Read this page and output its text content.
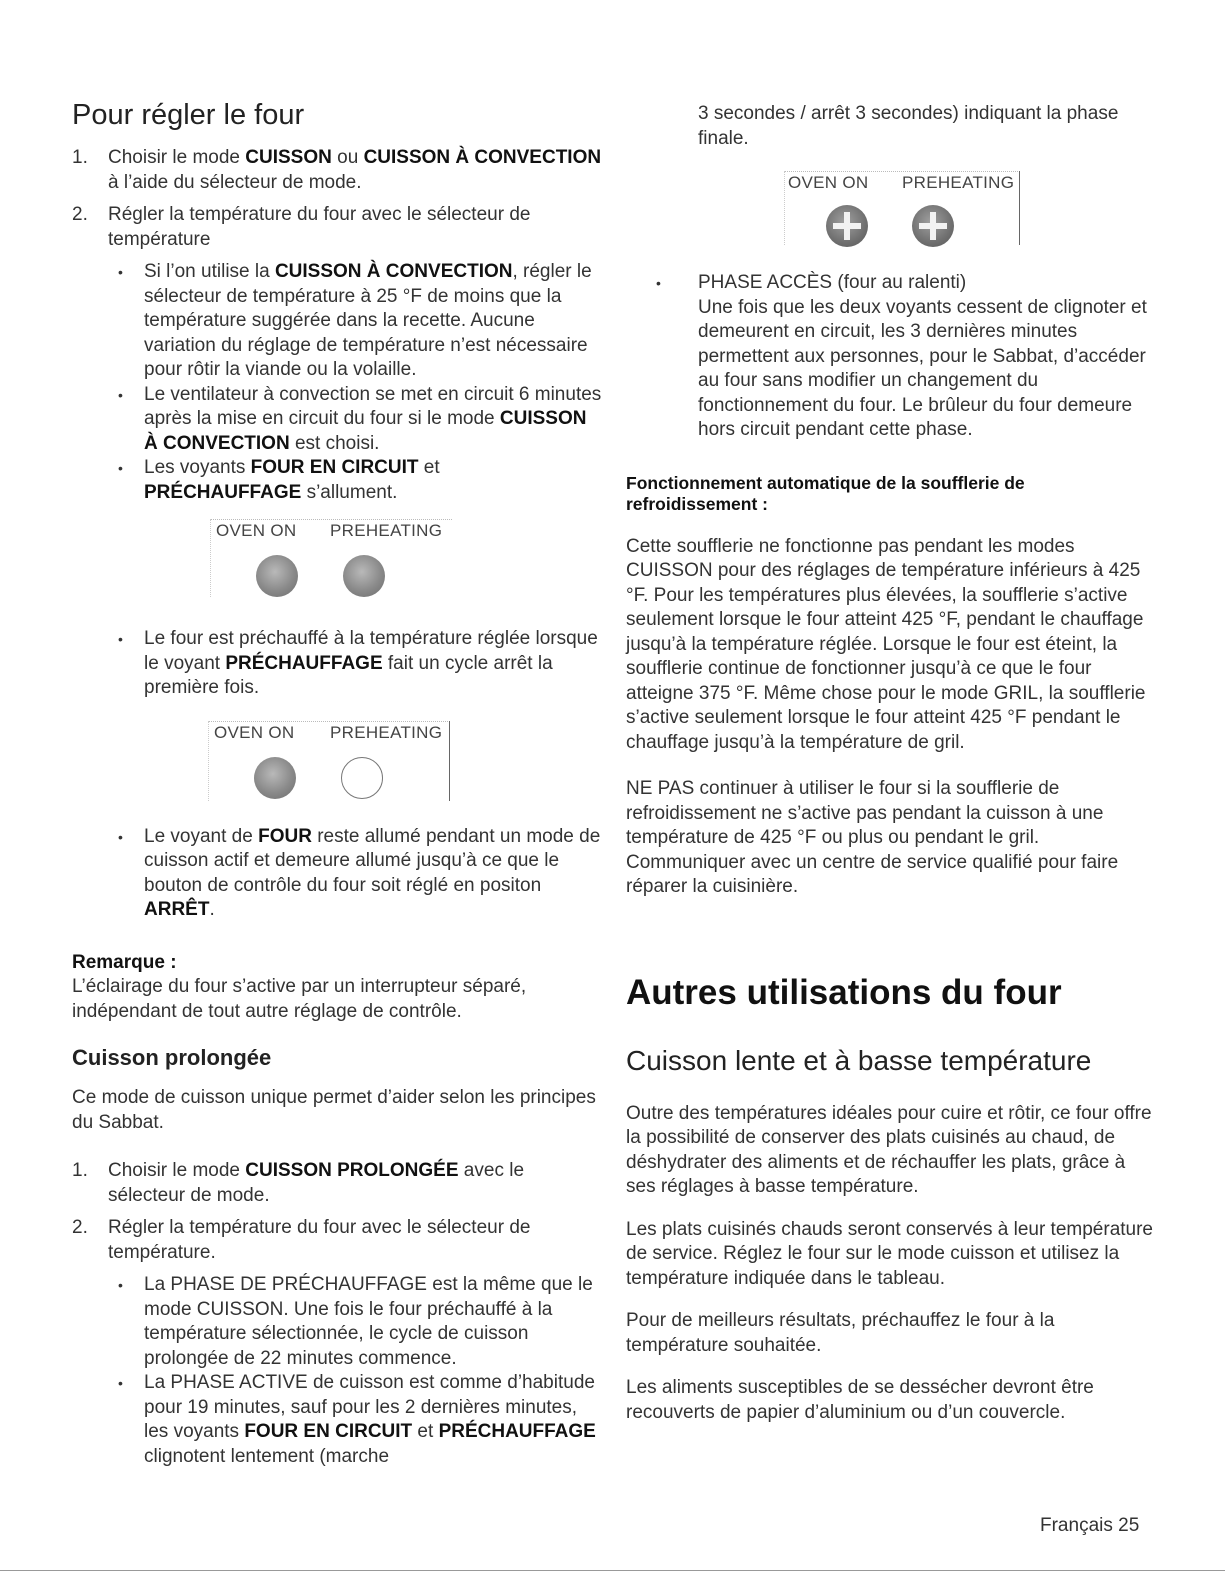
Pour régler le four

1. Choisir le mode CUISSON ou CUISSON À CONVECTION à l’aide du sélecteur de mode.

2. Régler la température du four avec le sélecteur de température

• Si l’on utilise la CUISSON À CONVECTION, régler le sélecteur de température à 25 °F de moins que la température suggérée dans la recette. Aucune variation du réglage de température n’est nécessaire pour rôtir la viande ou la volaille.

• Le ventilateur à convection se met en circuit 6 minutes après la mise en circuit du four si le mode CUISSON À CONVECTION est choisi.

• Les voyants FOUR EN CIRCUIT et PRÉCHAUFFAGE s’allument.

OVEN ON PREHEATING

• Le four est préchauffé à la température réglée lorsque le voyant PRÉCHAUFFAGE fait un cycle arrêt la première fois.

OVEN ON PREHEATING

• Le voyant de FOUR reste allumé pendant un mode de cuisson actif et demeure allumé jusqu’à ce que le bouton de contrôle du four soit réglé en positon ARRÊT.

Remarque :

L’éclairage du four s’active par un interrupteur séparé, indépendant de tout autre réglage de contrôle.

Cuisson prolongée

Ce mode de cuisson unique permet d’aider selon les principes du Sabbat.

1. Choisir le mode CUISSON PROLONGÉE avec le sélecteur de mode.

2. Régler la température du four avec le sélecteur de température.

• La PHASE DE PRÉCHAUFFAGE est la même que le mode CUISSON. Une fois le four préchauffé à la température sélectionnée, le cycle de cuisson prolongée de 22 minutes commence.

• La PHASE ACTIVE de cuisson est comme d’habitude pour 19 minutes, sauf pour les 2 dernières minutes, les voyants FOUR EN CIRCUIT et PRÉCHAUFFAGE clignotent lentement (marche

3 secondes / arrêt 3 secondes) indiquant la phase finale.

OVEN ON PREHEATING

• PHASE ACCÈS (four au ralenti)

Une fois que les deux voyants cessent de clignoter et demeurent en circuit, les 3 dernières minutes permettent aux personnes, pour le Sabbat, d’accéder au four sans modifier un changement du fonctionnement du four. Le brûleur du four demeure hors circuit pendant cette phase.

Fonctionnement automatique de la soufflerie de refroidissement :

Cette soufflerie ne fonctionne pas pendant les modes CUISSON pour des réglages de température inférieurs à 425 °F. Pour les températures plus élevées, la soufflerie s’active seulement lorsque le four atteint 425 °F, pendant le chauffage jusqu’à la température réglée. Lorsque le four est éteint, la soufflerie continue de fonctionner jusqu’à ce que le four atteigne 375 °F. Même chose pour le mode GRIL, la soufflerie s’active seulement lorsque le four atteint 425 °F pendant le chauffage jusqu’à la température de gril.

NE PAS continuer à utiliser le four si la soufflerie de refroidissement ne s’active pas pendant la cuisson à une température de 425 °F ou plus ou pendant le gril. Communiquer avec un centre de service qualifié pour faire réparer la cuisinière.

Autres utilisations du four
Cuisson lente et à basse température

Outre des températures idéales pour cuire et rôtir, ce four offre la possibilité de conserver des plats cuisinés au chaud, de déshydrater des aliments et de réchauffer les plats, grâce à ses réglages à basse température.

Les plats cuisinés chauds seront conservés à leur température de service. Réglez le four sur le mode cuisson et utilisez la température indiquée dans le tableau.

Pour de meilleurs résultats, préchauffez le four à la température souhaitée.

Les aliments susceptibles de se dessécher devront être recouverts de papier d’aluminium ou d’un couvercle.

Français 25
